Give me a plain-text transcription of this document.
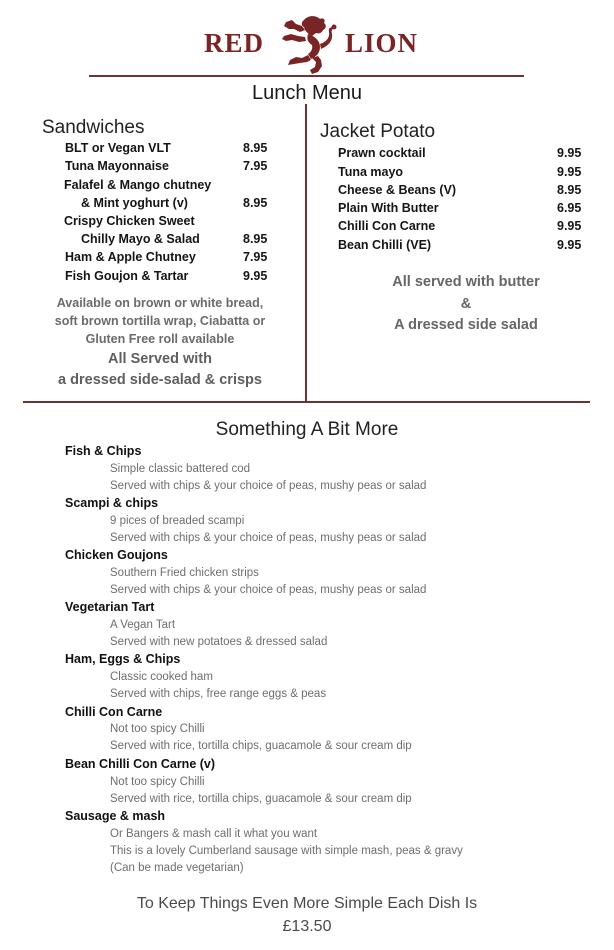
RED	LION
Lunch Menu
Sandwiches
BLT or Vegan VLT	8.95
Tuna Mayonnaise	7.95
Falafel & Mango chutney
& Mint yoghurt (v)	8.95
Crispy Chicken Sweet
Chilly Mayo & Salad	8.95
Ham & Apple Chutney	7.95
Fish Goujon & Tartar	9.95
Available on brown or white bread,
soft brown tortilla wrap, Ciabatta or
Gluten Free roll available
All Served with
a dressed side-salad & crisps
Jacket Potato
Prawn cocktail	9.95
Tuna mayo	9.95
Cheese & Beans (V)	8.95
Plain With Butter	6.95
Chilli Con Carne	9.95
Bean Chilli (VE)	9.95
All served with butter
&
A dressed side salad
Something A Bit More
Fish & Chips
Simple classic battered cod
Served with chips & your choice of peas, mushy peas or salad
Scampi & chips
9 pices of breaded scampi
Served with chips & your choice of peas, mushy peas or salad
Chicken Goujons
Southern Fried chicken strips
Served with chips & your choice of peas, mushy peas or salad
Vegetarian Tart
A Vegan Tart
Served with new potatoes & dressed salad
Ham, Eggs & Chips
Classic cooked ham
Served with chips, free range eggs & peas
Chilli Con Carne
Not too spicy Chilli
Served with rice, tortilla chips, guacamole & sour cream dip
Bean Chilli Con Carne (v)
Not too spicy Chilli
Served with rice, tortilla chips, guacamole & sour cream dip
Sausage & mash
Or Bangers & mash call it what you want
This is a lovely Cumberland sausage with simple mash, peas & gravy
(Can be made vegetarian)
To Keep Things Even More Simple Each Dish Is
£13.50
